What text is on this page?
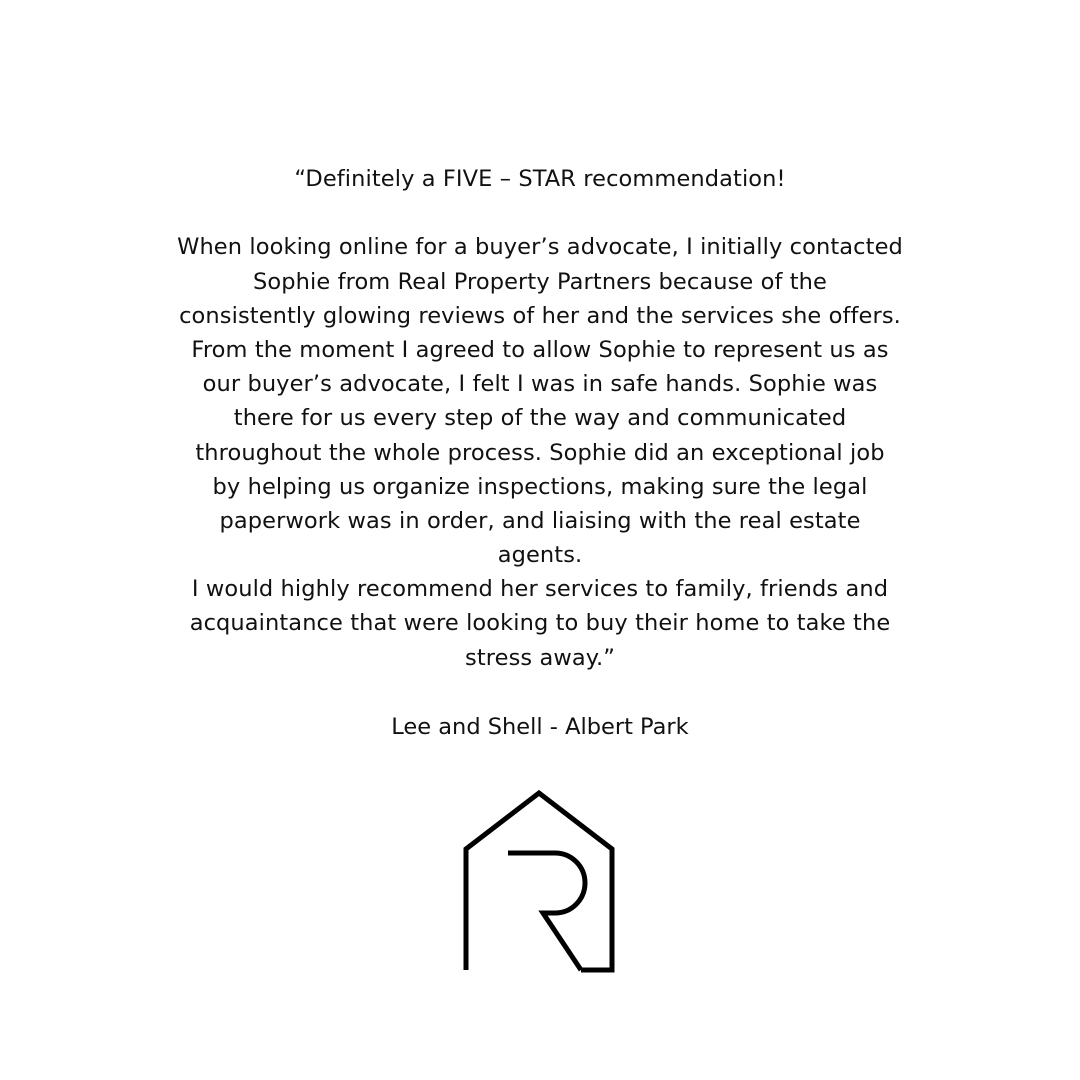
“Definitely a FIVE – STAR recommendation!
When looking online for a buyer’s advocate, I initially contacted
Sophie from Real Property Partners because of the
consistently glowing reviews of her and the services she offers.
From the moment I agreed to allow Sophie to represent us as
our buyer’s advocate, I felt I was in safe hands. Sophie was
there for us every step of the way and communicated
throughout the whole process. Sophie did an exceptional job
by helping us organize inspections, making sure the legal
paperwork was in order, and liaising with the real estate
agents.
I would highly recommend her services to family, friends and
acquaintance that were looking to buy their home to take the
stress away.”
Lee and Shell - Albert Park
